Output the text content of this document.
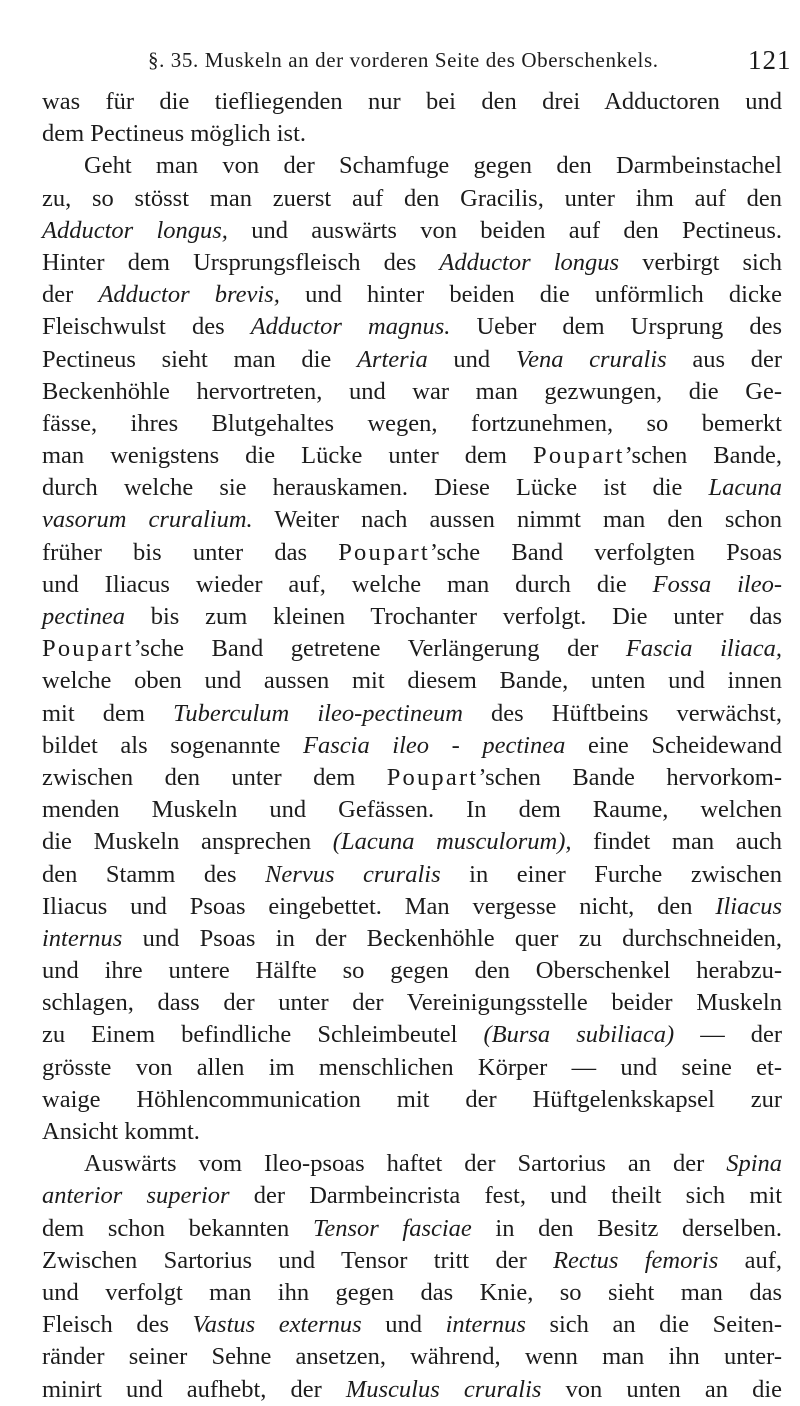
§. 35. Muskeln an der vorderen Seite des Oberschenkels.	121
was für die tiefliegenden nur bei den drei Adductoren und
dem Pectineus möglich ist.
Geht man von der Schamfuge gegen den Darmbeinstachel
zu, so stösst man zuerst auf den Gracilis, unter ihm auf den
Adductor longus, und auswärts von beiden auf den Pectineus.
Hinter dem Ursprungsfleisch des Adductor longus verbirgt sich
der Adductor brevis, und hinter beiden die unförmlich dicke
Fleischwulst des Adductor magnus. Ueber dem Ursprung des
Pectineus sieht man die Arteria und Vena cruralis aus der
Beckenhöhle hervortreten, und war man gezwungen, die Ge-
fässe, ihres Blutgehaltes wegen, fortzunehmen, so bemerkt
man wenigstens die Lücke unter dem Poupart’schen Bande,
durch welche sie herauskamen. Diese Lücke ist die Lacuna
vasorum cruralium. Weiter nach aussen nimmt man den schon
früher bis unter das Poupart’sche Band verfolgten Psoas
und Iliacus wieder auf, welche man durch die Fossa ileo-
pectinea bis zum kleinen Trochanter verfolgt. Die unter das
Poupart’sche Band getretene Verlängerung der Fascia iliaca,
welche oben und aussen mit diesem Bande, unten und innen
mit dem Tuberculum ileo-pectineum des Hüftbeins verwächst,
bildet als sogenannte Fascia ileo - pectinea eine Scheidewand
zwischen den unter dem Poupart’schen Bande hervorkom-
menden Muskeln und Gefässen. In dem Raume, welchen
die Muskeln ansprechen (Lacuna musculorum), findet man auch
den Stamm des Nervus cruralis in einer Furche zwischen
Iliacus und Psoas eingebettet. Man vergesse nicht, den Iliacus
internus und Psoas in der Beckenhöhle quer zu durchschneiden,
und ihre untere Hälfte so gegen den Oberschenkel herabzu-
schlagen, dass der unter der Vereinigungsstelle beider Muskeln
zu Einem befindliche Schleimbeutel (Bursa subiliaca) — der
grösste von allen im menschlichen Körper — und seine et-
waige Höhlencommunication mit der Hüftgelenkskapsel zur
Ansicht kommt.
Auswärts vom Ileo-psoas haftet der Sartorius an der Spina
anterior superior der Darmbeincrista fest, und theilt sich mit
dem schon bekannten Tensor fasciae in den Besitz derselben.
Zwischen Sartorius und Tensor tritt der Rectus femoris auf,
und verfolgt man ihn gegen das Knie, so sieht man das
Fleisch des Vastus externus und internus sich an die Seiten-
ränder seiner Sehne ansetzen, während, wenn man ihn unter-
minirt und aufhebt, der Musculus cruralis von unten an die
